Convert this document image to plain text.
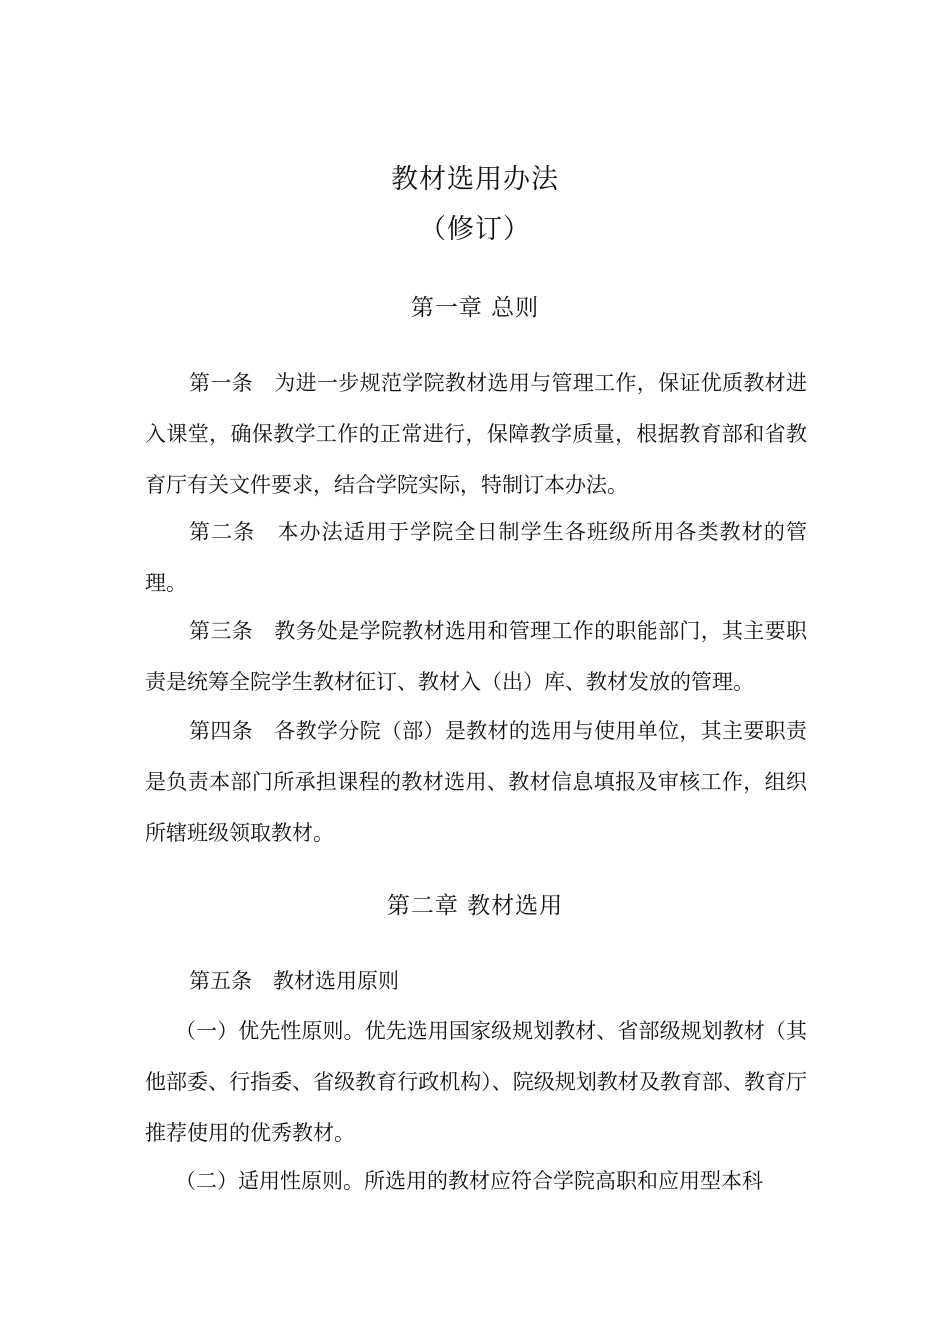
教材选用办法
（修订）
第一章 总则

第一条　为进一步规范学院教材选用与管理工作，保证优质教材进入课堂，确保教学工作的正常进行，保障教学质量，根据教育部和省教育厅有关文件要求，结合学院实际，特制订本办法。

第二条　本办法适用于学院全日制学生各班级所用各类教材的管理。

第三条　教务处是学院教材选用和管理工作的职能部门，其主要职责是统筹全院学生教材征订、教材入（出）库、教材发放的管理。

第四条　各教学分院（部）是教材的选用与使用单位，其主要职责是负责本部门所承担课程的教材选用、教材信息填报及审核工作，组织所辖班级领取教材。

第二章 教材选用

第五条　教材选用原则

（一）优先性原则。优先选用国家级规划教材、省部级规划教材（其他部委、行指委、省级教育行政机构）、院级规划教材及教育部、教育厅推荐使用的优秀教材。

（二）适用性原则。所选用的教材应符合学院高职和应用型本科
